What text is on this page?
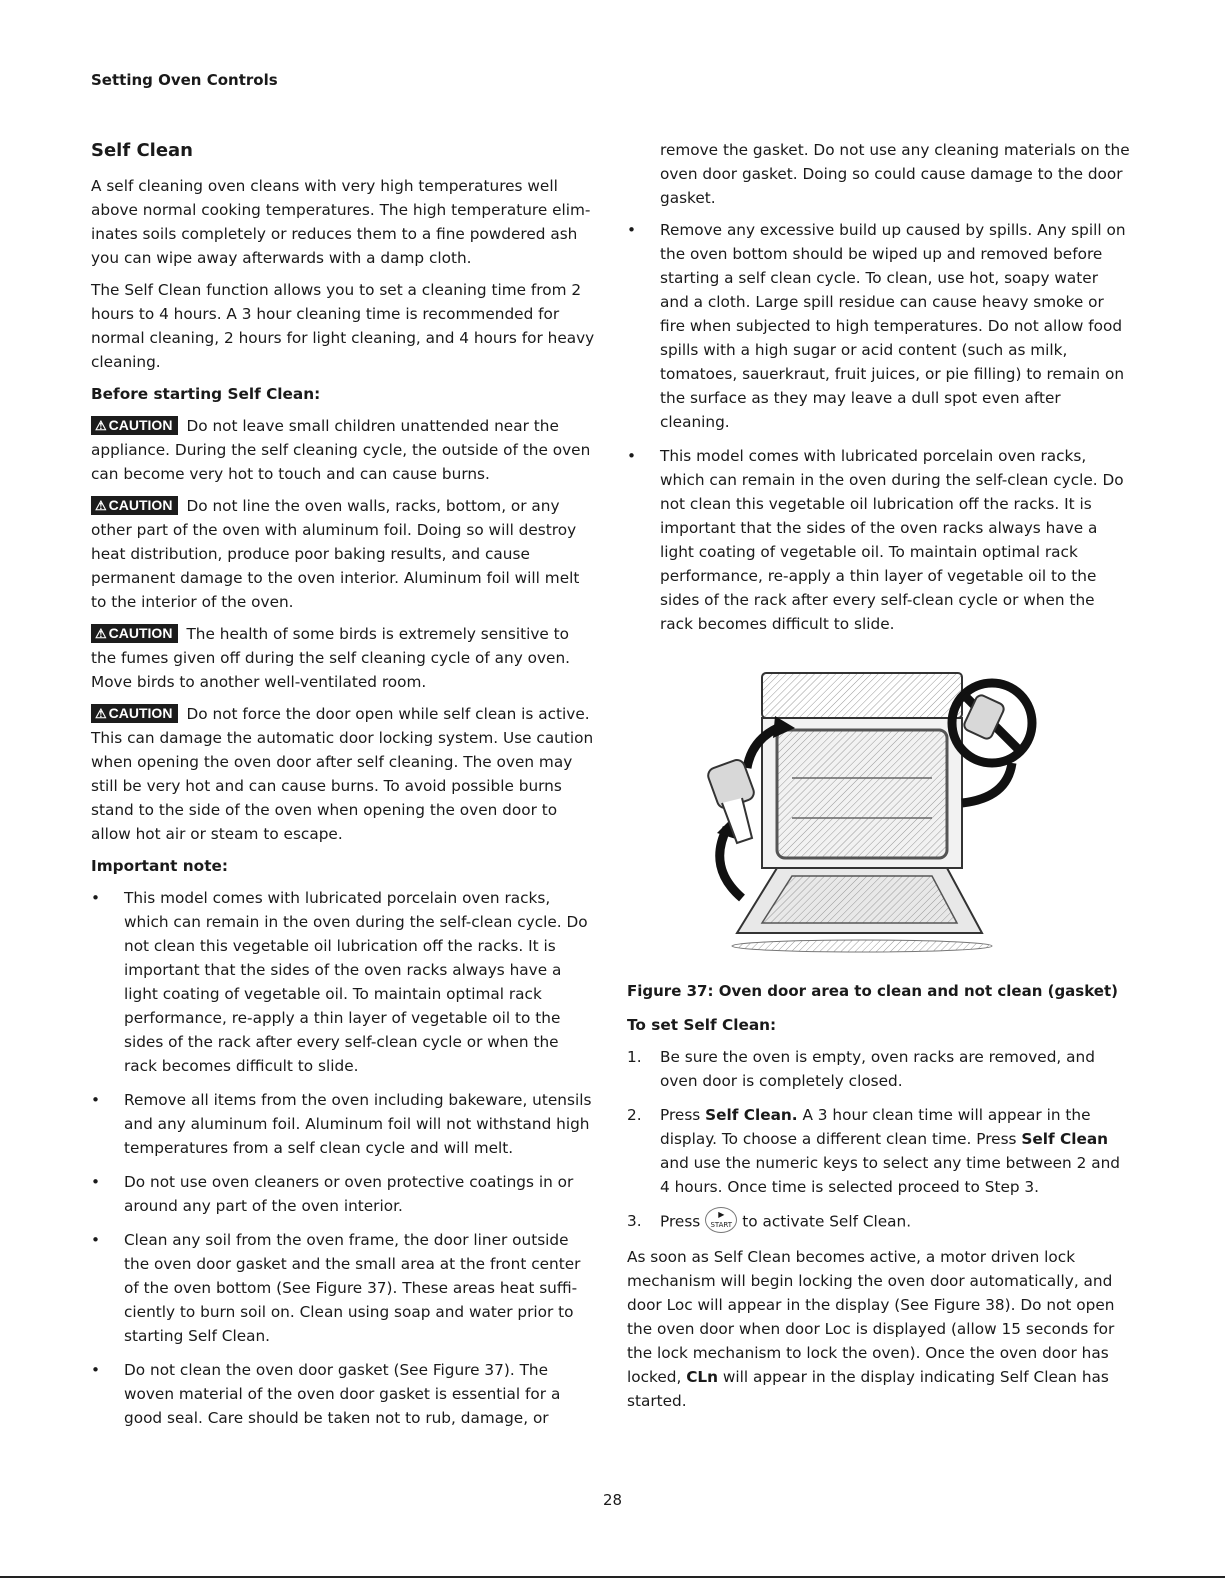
Setting Oven Controls
Self Clean

A self cleaning oven cleans with very high temperatures well above normal cooking temperatures. The high temperature elim-inates soils completely or reduces them to a fine powdered ash you can wipe away afterwards with a damp cloth.

The Self Clean function allows you to set a cleaning time from 2 hours to 4 hours. A 3 hour cleaning time is recommended for normal cleaning, 2 hours for light cleaning, and 4 hours for heavy cleaning.

Before starting Self Clean:

⚠ CAUTION Do not leave small children unattended near the appliance. During the self cleaning cycle, the outside of the oven can become very hot to touch and can cause burns.

⚠ CAUTION Do not line the oven walls, racks, bottom, or any other part of the oven with aluminum foil. Doing so will destroy heat distribution, produce poor baking results, and cause permanent damage to the oven interior. Aluminum foil will melt to the interior of the oven.

⚠ CAUTION The health of some birds is extremely sensitive to the fumes given off during the self cleaning cycle of any oven. Move birds to another well-ventilated room.

⚠ CAUTION Do not force the door open while self clean is active. This can damage the automatic door locking system. Use caution when opening the oven door after self cleaning. The oven may still be very hot and can cause burns. To avoid possible burns stand to the side of the oven when opening the oven door to allow hot air or steam to escape.

Important note:

• This model comes with lubricated porcelain oven racks, which can remain in the oven during the self-clean cycle. Do not clean this vegetable oil lubrication off the racks. It is important that the sides of the oven racks always have a light coating of vegetable oil. To maintain optimal rack performance, re-apply a thin layer of vegetable oil to the sides of the rack after every self-clean cycle or when the rack becomes difficult to slide.
• Remove all items from the oven including bakeware, utensils and any aluminum foil. Aluminum foil will not withstand high temperatures from a self clean cycle and will melt.
• Do not use oven cleaners or oven protective coatings in or around any part of the oven interior.
• Clean any soil from the oven frame, the door liner outside the oven door gasket and the small area at the front center of the oven bottom (See Figure 37). These areas heat suffi-ciently to burn soil on. Clean using soap and water prior to starting Self Clean.
• Do not clean the oven door gasket (See Figure 37). The woven material of the oven door gasket is essential for a good seal. Care should be taken not to rub, damage, or

remove the gasket. Do not use any cleaning materials on the oven door gasket. Doing so could cause damage to the door gasket.

• Remove any excessive build up caused by spills. Any spill on the oven bottom should be wiped up and removed before starting a self clean cycle. To clean, use hot, soapy water and a cloth. Large spill residue can cause heavy smoke or fire when subjected to high temperatures. Do not allow food spills with a high sugar or acid content (such as milk, tomatoes, sauerkraut, fruit juices, or pie filling) to remain on the surface as they may leave a dull spot even after cleaning.
• This model comes with lubricated porcelain oven racks, which can remain in the oven during the self-clean cycle. Do not clean this vegetable oil lubrication off the racks. It is important that the sides of the oven racks always have a light coating of vegetable oil. To maintain optimal rack performance, re-apply a thin layer of vegetable oil to the sides of the rack after every self-clean cycle or when the rack becomes difficult to slide.

Figure 37: Oven door area to clean and not clean (gasket)

To set Self Clean:

1. Be sure the oven is empty, oven racks are removed, and oven door is completely closed.
2. Press Self Clean. A 3 hour clean time will appear in the display. To choose a different clean time. Press Self Clean and use the numeric keys to select any time between 2 and 4 hours. Once time is selected proceed to Step 3.
3. Press	▶
START to activate Self Clean.

As soon as Self Clean becomes active, a motor driven lock mechanism will begin locking the oven door automatically, and door Loc will appear in the display (See Figure 38). Do not open the oven door when door Loc is displayed (allow 15 seconds for the lock mechanism to lock the oven). Once the oven door has locked, CLn will appear in the display indicating Self Clean has started.

28
